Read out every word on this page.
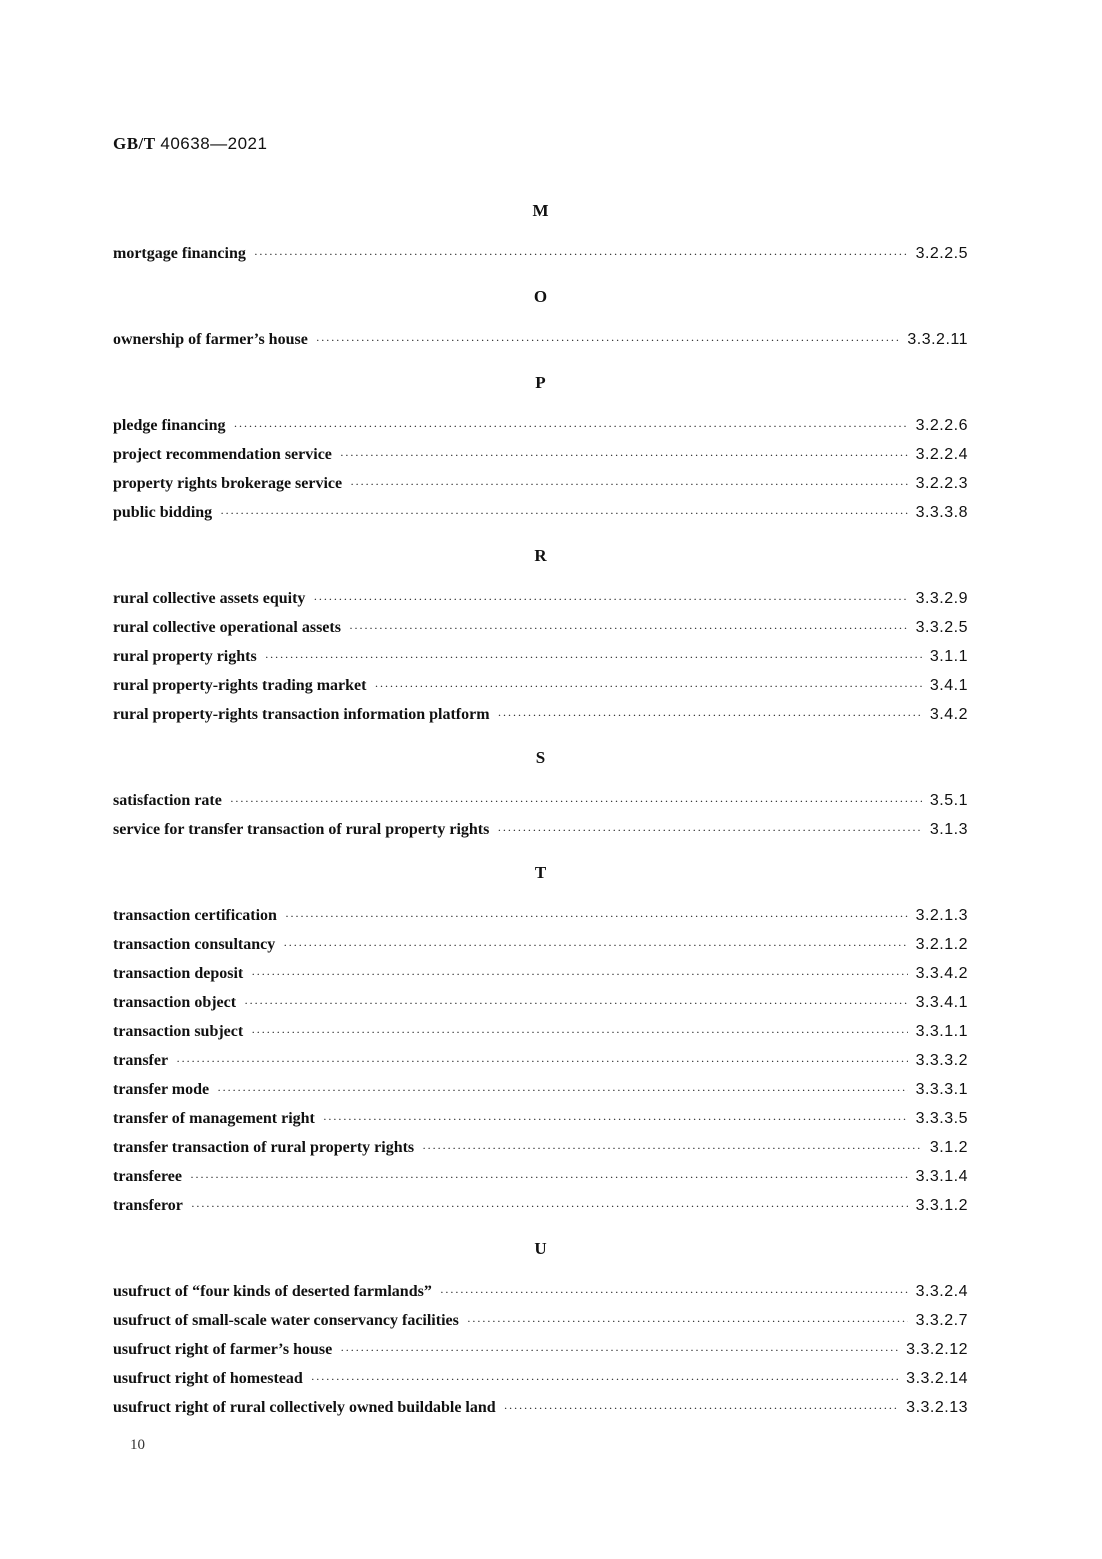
GB/T 40638—2021
M
mortgage financing ·····	3.2.2.5
O
ownership of farmer’s house ·····	3.3.2.11
P
pledge financing ·····	3.2.2.6
project recommendation service ·····	3.2.2.4
property rights brokerage service ·····	3.2.2.3
public bidding ·····	3.3.3.8
R
rural collective assets equity ·····	3.3.2.9
rural collective operational assets ·····	3.3.2.5
rural property rights ·····	3.1.1
rural property-rights trading market ·····	3.4.1
rural property-rights transaction information platform ·····	3.4.2
S
satisfaction rate ·····	3.5.1
service for transfer transaction of rural property rights ·····	3.1.3
T
transaction certification ·····	3.2.1.3
transaction consultancy ·····	3.2.1.2
transaction deposit ·····	3.3.4.2
transaction object ·····	3.3.4.1
transaction subject ·····	3.3.1.1
transfer ·····	3.3.3.2
transfer mode ·····	3.3.3.1
transfer of management right ·····	3.3.3.5
transfer transaction of rural property rights ·····	3.1.2
transferee ·····	3.3.1.4
transferor ·····	3.3.1.2
U
usufruct of “four kinds of deserted farmlands” ·····	3.3.2.4
usufruct of small-scale water conservancy facilities ·····	3.3.2.7
usufruct right of farmer’s house ·····	3.3.2.12
usufruct right of homestead ·····	3.3.2.14
usufruct right of rural collectively owned buildable land ·····	3.3.2.13
10
